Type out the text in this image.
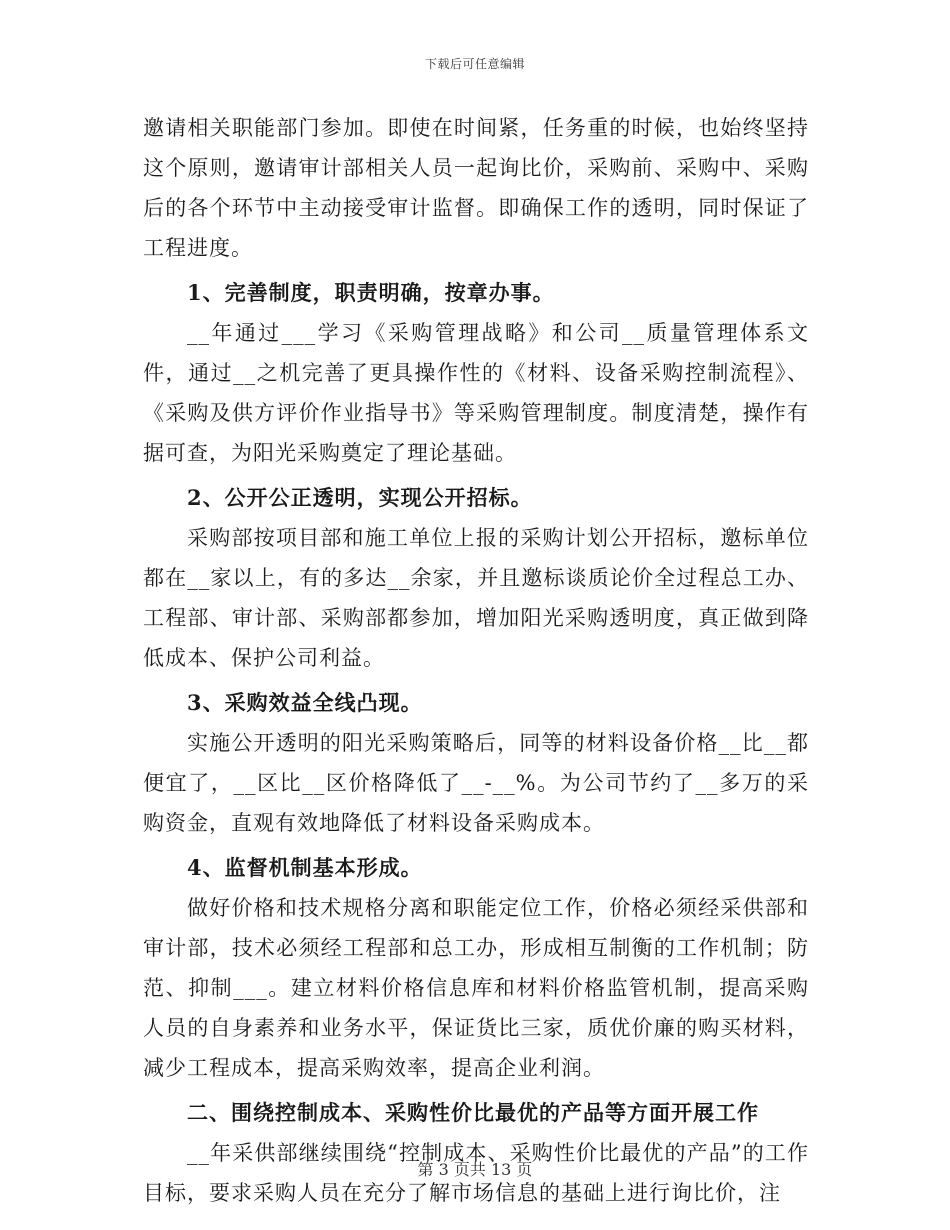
下载后可任意编辑

邀请相关职能部门参加。即使在时间紧，任务重的时候，也始终坚持这个原则，邀请审计部相关人员一起询比价，采购前、采购中、采购后的各个环节中主动接受审计监督。即确保工作的透明，同时保证了工程进度。

1、完善制度，职责明确，按章办事。

__年通过___学习《采购管理战略》和公司__质量管理体系文件，通过__之机完善了更具操作性的《材料、设备采购控制流程》、《采购及供方评价作业指导书》等采购管理制度。制度清楚，操作有据可查，为阳光采购奠定了理论基础。

2、公开公正透明，实现公开招标。

采购部按项目部和施工单位上报的采购计划公开招标，邀标单位都在__家以上，有的多达__余家，并且邀标谈质论价全过程总工办、工程部、审计部、采购部都参加，增加阳光采购透明度，真正做到降低成本、保护公司利益。

3、采购效益全线凸现。

实施公开透明的阳光采购策略后，同等的材料设备价格__比__都便宜了，__区比__区价格降低了__-__%。为公司节约了__多万的采购资金，直观有效地降低了材料设备采购成本。

4、监督机制基本形成。

做好价格和技术规格分离和职能定位工作，价格必须经采供部和审计部，技术必须经工程部和总工办，形成相互制衡的工作机制；防范、抑制___。建立材料价格信息库和材料价格监管机制，提高采购人员的自身素养和业务水平，保证货比三家，质优价廉的购买材料，减少工程成本，提高采购效率，提高企业利润。

二、围绕控制成本、采购性价比最优的产品等方面开展工作

__年采供部继续围绕“控制成本、采购性价比最优的产品”的工作目标，要求采购人员在充分了解市场信息的基础上进行询比价，注

第 3 页共 13 页
